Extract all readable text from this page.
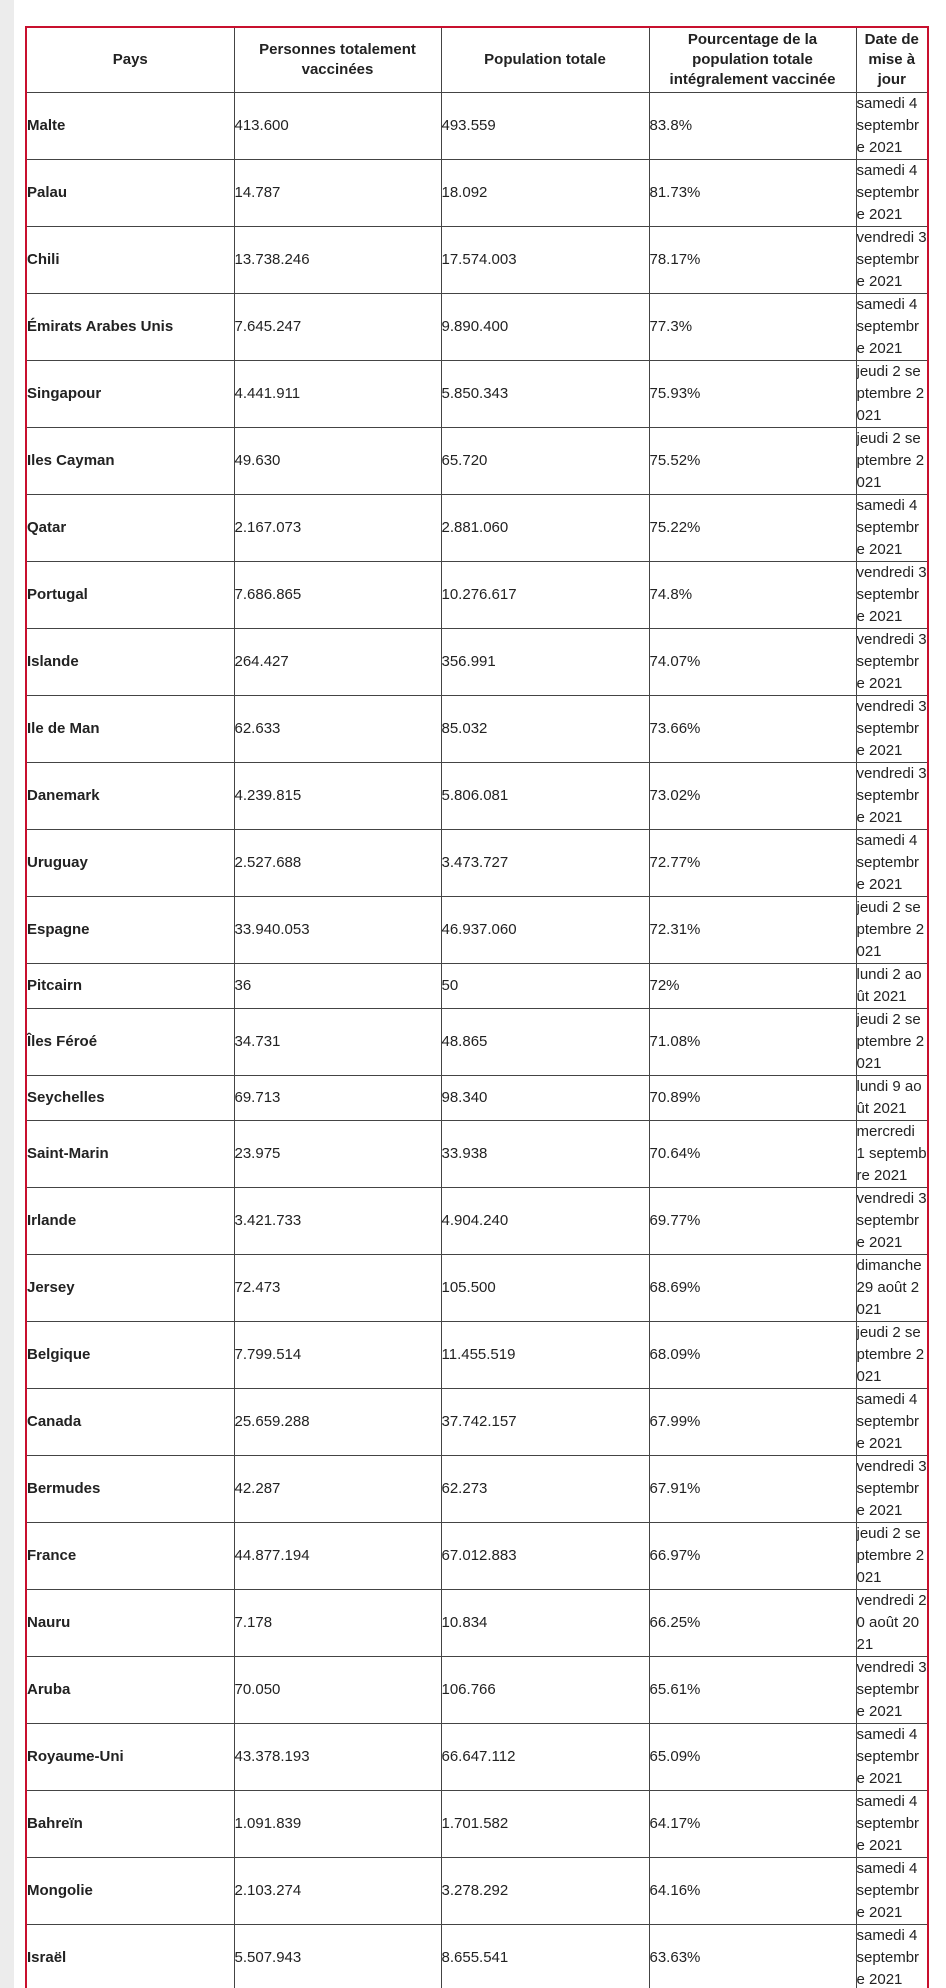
Pays	Personnes totalement vaccinées	Population totale	Pourcentage de la population totale intégralement vaccinée	Date de mise à jour
Malte	413.600	493.559	83.8%	samedi 4 septembre 2021
Palau	14.787	18.092	81.73%	samedi 4 septembre 2021
Chili	13.738.246	17.574.003	78.17%	vendredi 3 septembre 2021
Émirats Arabes Unis	7.645.247	9.890.400	77.3%	samedi 4 septembre 2021
Singapour	4.441.911	5.850.343	75.93%	jeudi 2 septembre 2021
Iles Cayman	49.630	65.720	75.52%	jeudi 2 septembre 2021
Qatar	2.167.073	2.881.060	75.22%	samedi 4 septembre 2021
Portugal	7.686.865	10.276.617	74.8%	vendredi 3 septembre 2021
Islande	264.427	356.991	74.07%	vendredi 3 septembre 2021
Ile de Man	62.633	85.032	73.66%	vendredi 3 septembre 2021
Danemark	4.239.815	5.806.081	73.02%	vendredi 3 septembre 2021
Uruguay	2.527.688	3.473.727	72.77%	samedi 4 septembre 2021
Espagne	33.940.053	46.937.060	72.31%	jeudi 2 septembre 2021
Pitcairn	36	50	72%	lundi 2 août 2021
Îles Féroé	34.731	48.865	71.08%	jeudi 2 septembre 2021
Seychelles	69.713	98.340	70.89%	lundi 9 août 2021
Saint-Marin	23.975	33.938	70.64%	mercredi 1 septembre 2021
Irlande	3.421.733	4.904.240	69.77%	vendredi 3 septembre 2021
Jersey	72.473	105.500	68.69%	dimanche 29 août 2021
Belgique	7.799.514	11.455.519	68.09%	jeudi 2 septembre 2021
Canada	25.659.288	37.742.157	67.99%	samedi 4 septembre 2021
Bermudes	42.287	62.273	67.91%	vendredi 3 septembre 2021
France	44.877.194	67.012.883	66.97%	jeudi 2 septembre 2021
Nauru	7.178	10.834	66.25%	vendredi 20 août 2021
Aruba	70.050	106.766	65.61%	vendredi 3 septembre 2021
Royaume-Uni	43.378.193	66.647.112	65.09%	samedi 4 septembre 2021
Bahreïn	1.091.839	1.701.582	64.17%	samedi 4 septembre 2021
Mongolie	2.103.274	3.278.292	64.16%	samedi 4 septembre 2021
Israël	5.507.943	8.655.541	63.63%	samedi 4 septembre 2021
